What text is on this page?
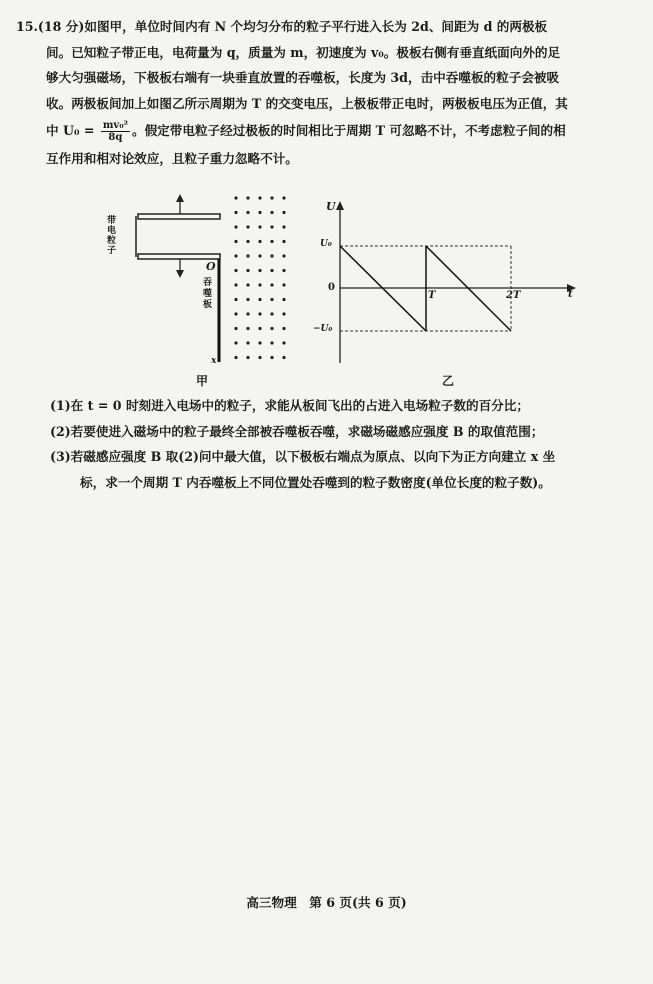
15.(18 分)如图甲，单位时间内有 N 个均匀分布的粒子平行进入长为 2d、间距为 d 的两极板
间。已知粒子带正电，电荷量为 q，质量为 m，初速度为 v₀。极板右侧有垂直纸面向外的足
够大匀强磁场，下极板右端有一块垂直放置的吞噬板，长度为 3d，击中吞噬板的粒子会被吸
收。两极板间加上如图乙所示周期为 T 的交变电压，上极板带正电时，两极板电压为正值，其
中 $U_0 = \frac{\text{mv₀²}}{8q}$ 。假定带电粒子经过极板的时间相比于周期 T 可忽略不计，不考虑粒子间的相
互作用和相对论效应，且粒子重力忽略不计。
带
电
粒
子
吞
噬
板
O
x
甲
U
U₀
0
−U₀
T	2T	t
乙
(1)在 t = 0 时刻进入电场中的粒子，求能从板间飞出的占进入电场粒子数的百分比；
(2)若要使进入磁场中的粒子最终全部被吞噬板吞噬，求磁场磁感应强度 B 的取值范围；
(3)若磁感应强度 B 取(2)问中最大值，以下极板右端点为原点、以向下为正方向建立 x 坐
标，求一个周期 T 内吞噬板上不同位置处吞噬到的粒子数密度(单位长度的粒子数)。
高三物理　第 6 页(共 6 页)
